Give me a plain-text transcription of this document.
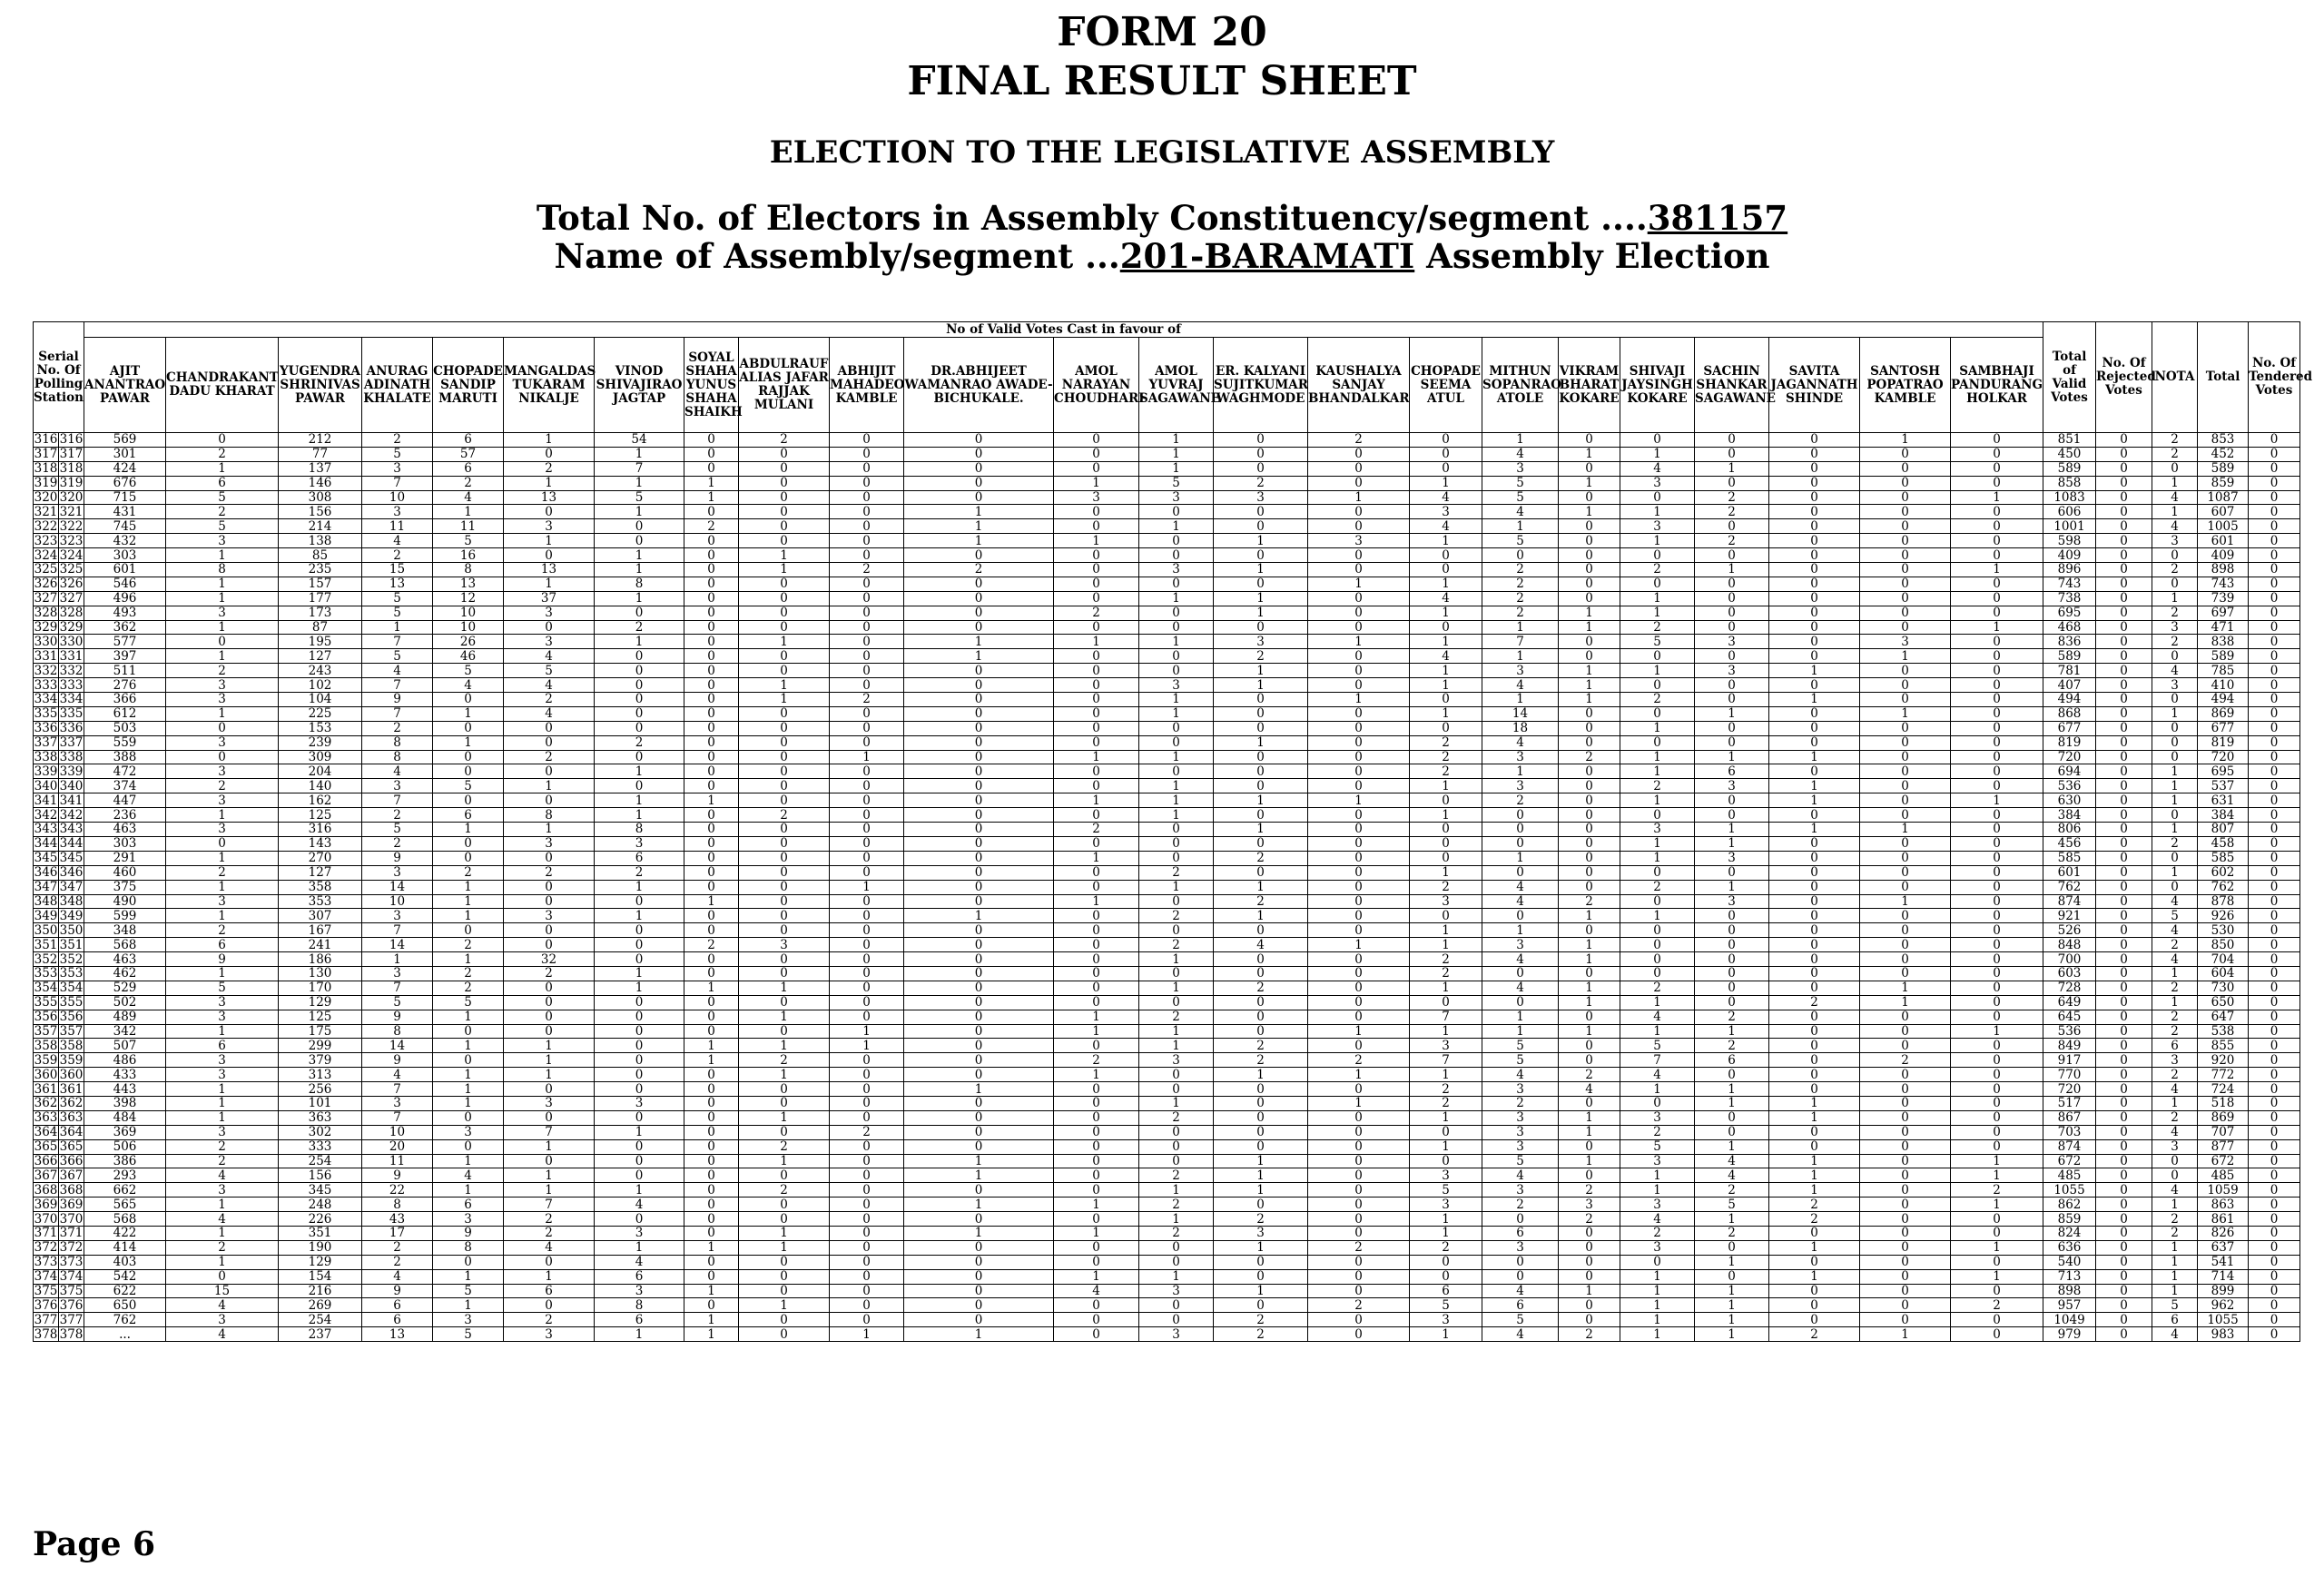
FORM 20
FINAL RESULT SHEET
ELECTION TO THE LEGISLATIVE ASSEMBLY
Total No. of Electors in Assembly Constituency/segment ....381157
Name of Assembly/segment ...201-BARAMATI Assembly Election
Serial No. Of Polling Station		No of Valid Votes Cast in favour of																							Total of Valid Votes	No. Of Rejected Votes	NOTA	Total	No. Of Tendered Votes
		AJIT ANANTRAO PAWAR	CHANDRAKANT DADU KHARAT	YUGENDRA SHRINIVAS PAWAR	ANURAG ADINATH KHALATE	CHOPADE SANDIP MARUTI	MANGALDAS TUKARAM NIKALJE	VINOD SHIVAJIRAO JAGTAP	SOYAL SHAHA YUNUS SHAHA SHAIKH	ABDULRAUF ALIAS JAFAR RAJJAK MULANI	ABHIJIT MAHADEO KAMBLE	DR.ABHIJEET WAMANRAO AWADE-BICHUKALE.	AMOL NARAYAN CHOUDHARI	AMOL YUVRAJ SAGAWANE	ER. KALYANI SUJITKUMAR WAGHMODE	KAUSHALYA SANJAY BHANDALKAR	CHOPADE SEEMA ATUL	MITHUN SOPANRAO ATOLE	VIKRAM BHARAT KOKARE	SHIVAJI JAYSINGH KOKARE	SACHIN SHANKAR SAGAWANE	SAVITA JAGANNATH SHINDE	SANTOSH POPATRAO KAMBLE	SAMBHAJI PANDURANG HOLKAR					
316	316	569	0	212	2	6	1	54	0	2	0	0	0	1	0	2	0	1	0	0	0	0	1	0	851	0	2	853	0
317	317	301	2	77	5	57	0	1	0	0	0	0	0	1	0	0	0	4	1	1	0	0	0	0	450	0	2	452	0
318	318	424	1	137	3	6	2	7	0	0	0	0	0	1	0	0	0	3	0	4	1	0	0	0	589	0	0	589	0
319	319	676	6	146	7	2	1	1	1	0	0	0	1	5	2	0	1	5	1	3	0	0	0	0	858	0	1	859	0
320	320	715	5	308	10	4	13	5	1	0	0	0	3	3	3	1	4	5	0	0	2	0	0	1	1083	0	4	1087	0
321	321	431	2	156	3	1	0	1	0	0	0	1	0	0	0	0	3	4	1	1	2	0	0	0	606	0	1	607	0
322	322	745	5	214	11	11	3	0	2	0	0	1	0	1	0	0	4	1	0	3	0	0	0	0	1001	0	4	1005	0
323	323	432	3	138	4	5	1	0	0	0	0	1	1	0	1	3	1	5	0	1	2	0	0	0	598	0	3	601	0
324	324	303	1	85	2	16	0	1	0	1	0	0	0	0	0	0	0	0	0	0	0	0	0	0	409	0	0	409	0
325	325	601	8	235	15	8	13	1	0	1	2	2	0	3	1	0	0	2	0	2	1	0	0	1	896	0	2	898	0
326	326	546	1	157	13	13	1	8	0	0	0	0	0	0	0	1	1	2	0	0	0	0	0	0	743	0	0	743	0
327	327	496	1	177	5	12	37	1	0	0	0	0	0	1	1	0	4	2	0	1	0	0	0	0	738	0	1	739	0
328	328	493	3	173	5	10	3	0	0	0	0	0	2	0	1	0	1	2	1	1	0	0	0	0	695	0	2	697	0
329	329	362	1	87	1	10	0	2	0	0	0	0	0	0	0	0	0	1	1	2	0	0	0	1	468	0	3	471	0
330	330	577	0	195	7	26	3	1	0	1	0	1	1	1	3	1	1	7	0	5	3	0	3	0	836	0	2	838	0
331	331	397	1	127	5	46	4	0	0	0	0	1	0	0	2	0	4	1	0	0	0	0	1	0	589	0	0	589	0
332	332	511	2	243	4	5	5	0	0	0	0	0	0	0	1	0	1	3	1	1	3	1	0	0	781	0	4	785	0
333	333	276	3	102	7	4	4	0	0	1	0	0	0	3	1	0	1	4	1	0	0	0	0	0	407	0	3	410	0
334	334	366	3	104	9	0	2	0	0	1	2	0	0	1	0	1	0	1	1	2	0	1	0	0	494	0	0	494	0
335	335	612	1	225	7	1	4	0	0	0	0	0	0	1	0	0	1	14	0	0	1	0	1	0	868	0	1	869	0
336	336	503	0	153	2	0	0	0	0	0	0	0	0	0	0	0	0	18	0	1	0	0	0	0	677	0	0	677	0
337	337	559	3	239	8	1	0	2	0	0	0	0	0	0	1	0	2	4	0	0	0	0	0	0	819	0	0	819	0
338	338	388	0	309	8	0	2	0	0	0	1	0	1	1	0	0	2	3	2	1	1	1	0	0	720	0	0	720	0
339	339	472	3	204	4	0	0	1	0	0	0	0	0	0	0	0	2	1	0	1	6	0	0	0	694	0	1	695	0
340	340	374	2	140	3	5	1	0	0	0	0	0	0	1	0	0	1	3	0	2	3	1	0	0	536	0	1	537	0
341	341	447	3	162	7	0	0	1	1	0	0	0	1	1	1	1	0	2	0	1	0	1	0	1	630	0	1	631	0
342	342	236	1	125	2	6	8	1	0	2	0	0	0	1	0	0	1	0	0	0	0	0	0	0	384	0	0	384	0
343	343	463	3	316	5	1	1	8	0	0	0	0	2	0	1	0	0	0	0	3	1	1	1	0	806	0	1	807	0
344	344	303	0	143	2	0	3	3	0	0	0	0	0	0	0	0	0	0	0	1	1	0	0	0	456	0	2	458	0
345	345	291	1	270	9	0	0	6	0	0	0	0	1	0	2	0	0	1	0	1	3	0	0	0	585	0	0	585	0
346	346	460	2	127	3	2	2	2	0	0	0	0	0	2	0	0	1	0	0	0	0	0	0	0	601	0	1	602	0
347	347	375	1	358	14	1	0	1	0	0	1	0	0	1	1	0	2	4	0	2	1	0	0	0	762	0	0	762	0
348	348	490	3	353	10	1	0	0	1	0	0	0	1	0	2	0	3	4	2	0	3	0	1	0	874	0	4	878	0
349	349	599	1	307	3	1	3	1	0	0	0	1	0	2	1	0	0	0	1	1	0	0	0	0	921	0	5	926	0
350	350	348	2	167	7	0	0	0	0	0	0	0	0	0	0	0	1	1	0	0	0	0	0	0	526	0	4	530	0
351	351	568	6	241	14	2	0	0	2	3	0	0	0	2	4	1	1	3	1	0	0	0	0	0	848	0	2	850	0
352	352	463	9	186	1	1	32	0	0	0	0	0	0	1	0	0	2	4	1	0	0	0	0	0	700	0	4	704	0
353	353	462	1	130	3	2	2	1	0	0	0	0	0	0	0	0	2	0	0	0	0	0	0	0	603	0	1	604	0
354	354	529	5	170	7	2	0	1	1	1	0	0	0	1	2	0	1	4	1	2	0	0	1	0	728	0	2	730	0
355	355	502	3	129	5	5	0	0	0	0	0	0	0	0	0	0	0	0	1	1	0	2	1	0	649	0	1	650	0
356	356	489	3	125	9	1	0	0	0	1	0	0	1	2	0	0	7	1	0	4	2	0	0	0	645	0	2	647	0
357	357	342	1	175	8	0	0	0	0	0	1	0	1	1	0	1	1	1	1	1	1	0	0	1	536	0	2	538	0
358	358	507	6	299	14	1	1	0	1	1	1	0	0	1	2	0	3	5	0	5	2	0	0	0	849	0	6	855	0
359	359	486	3	379	9	0	1	0	1	2	0	0	2	3	2	2	7	5	0	7	6	0	2	0	917	0	3	920	0
360	360	433	3	313	4	1	1	0	0	1	0	0	1	0	1	1	1	4	2	4	0	0	0	0	770	0	2	772	0
361	361	443	1	256	7	1	0	0	0	0	0	1	0	0	0	0	2	3	4	1	1	0	0	0	720	0	4	724	0
362	362	398	1	101	3	1	3	3	0	0	0	0	0	1	0	1	2	2	0	0	1	1	0	0	517	0	1	518	0
363	363	484	1	363	7	0	0	0	0	1	0	0	0	2	0	0	1	3	1	3	0	1	0	0	867	0	2	869	0
364	364	369	3	302	10	3	7	1	0	0	2	0	0	0	0	0	0	3	1	2	0	0	0	0	703	0	4	707	0
365	365	506	2	333	20	0	1	0	0	2	0	0	0	0	0	0	1	3	0	5	1	0	0	0	874	0	3	877	0
366	366	386	2	254	11	1	0	0	0	1	0	1	0	0	1	0	0	5	1	3	4	1	0	1	672	0	0	672	0
367	367	293	4	156	9	4	1	0	0	0	0	1	0	2	1	0	3	4	0	1	4	1	0	1	485	0	0	485	0
368	368	662	3	345	22	1	1	1	0	2	0	0	0	1	1	0	5	3	2	1	2	1	0	2	1055	0	4	1059	0
369	369	565	1	248	8	6	7	4	0	0	0	1	1	2	0	0	3	2	3	3	5	2	0	1	862	0	1	863	0
370	370	568	4	226	43	3	2	0	0	0	0	0	0	1	2	0	1	0	2	4	1	2	0	0	859	0	2	861	0
371	371	422	1	351	17	9	2	3	0	1	0	1	1	2	3	0	1	6	0	2	2	0	0	0	824	0	2	826	0
372	372	414	2	190	2	8	4	1	1	1	0	0	0	0	1	2	2	3	0	3	0	1	0	1	636	0	1	637	0
373	373	403	1	129	2	0	0	4	0	0	0	0	0	0	0	0	0	0	0	0	1	0	0	0	540	0	1	541	0
374	374	542	0	154	4	1	1	6	0	0	0	0	1	1	0	0	0	0	0	1	0	1	0	1	713	0	1	714	0
375	375	622	15	216	9	5	6	3	1	0	0	0	4	3	1	0	6	4	1	1	1	0	0	0	898	0	1	899	0
376	376	650	4	269	6	1	0	8	0	1	0	0	0	0	0	2	5	6	0	1	1	0	0	2	957	0	5	962	0
377	377	762	3	254	6	3	2	6	1	0	0	0	0	0	2	0	3	5	0	1	1	0	0	0	1049	0	6	1055	0
378	378	...	4	237	13	5	3	1	1	0	1	1	0	3	2	0	1	4	2	1	1	2	1	0	979	0	4	983	0
Page 6
